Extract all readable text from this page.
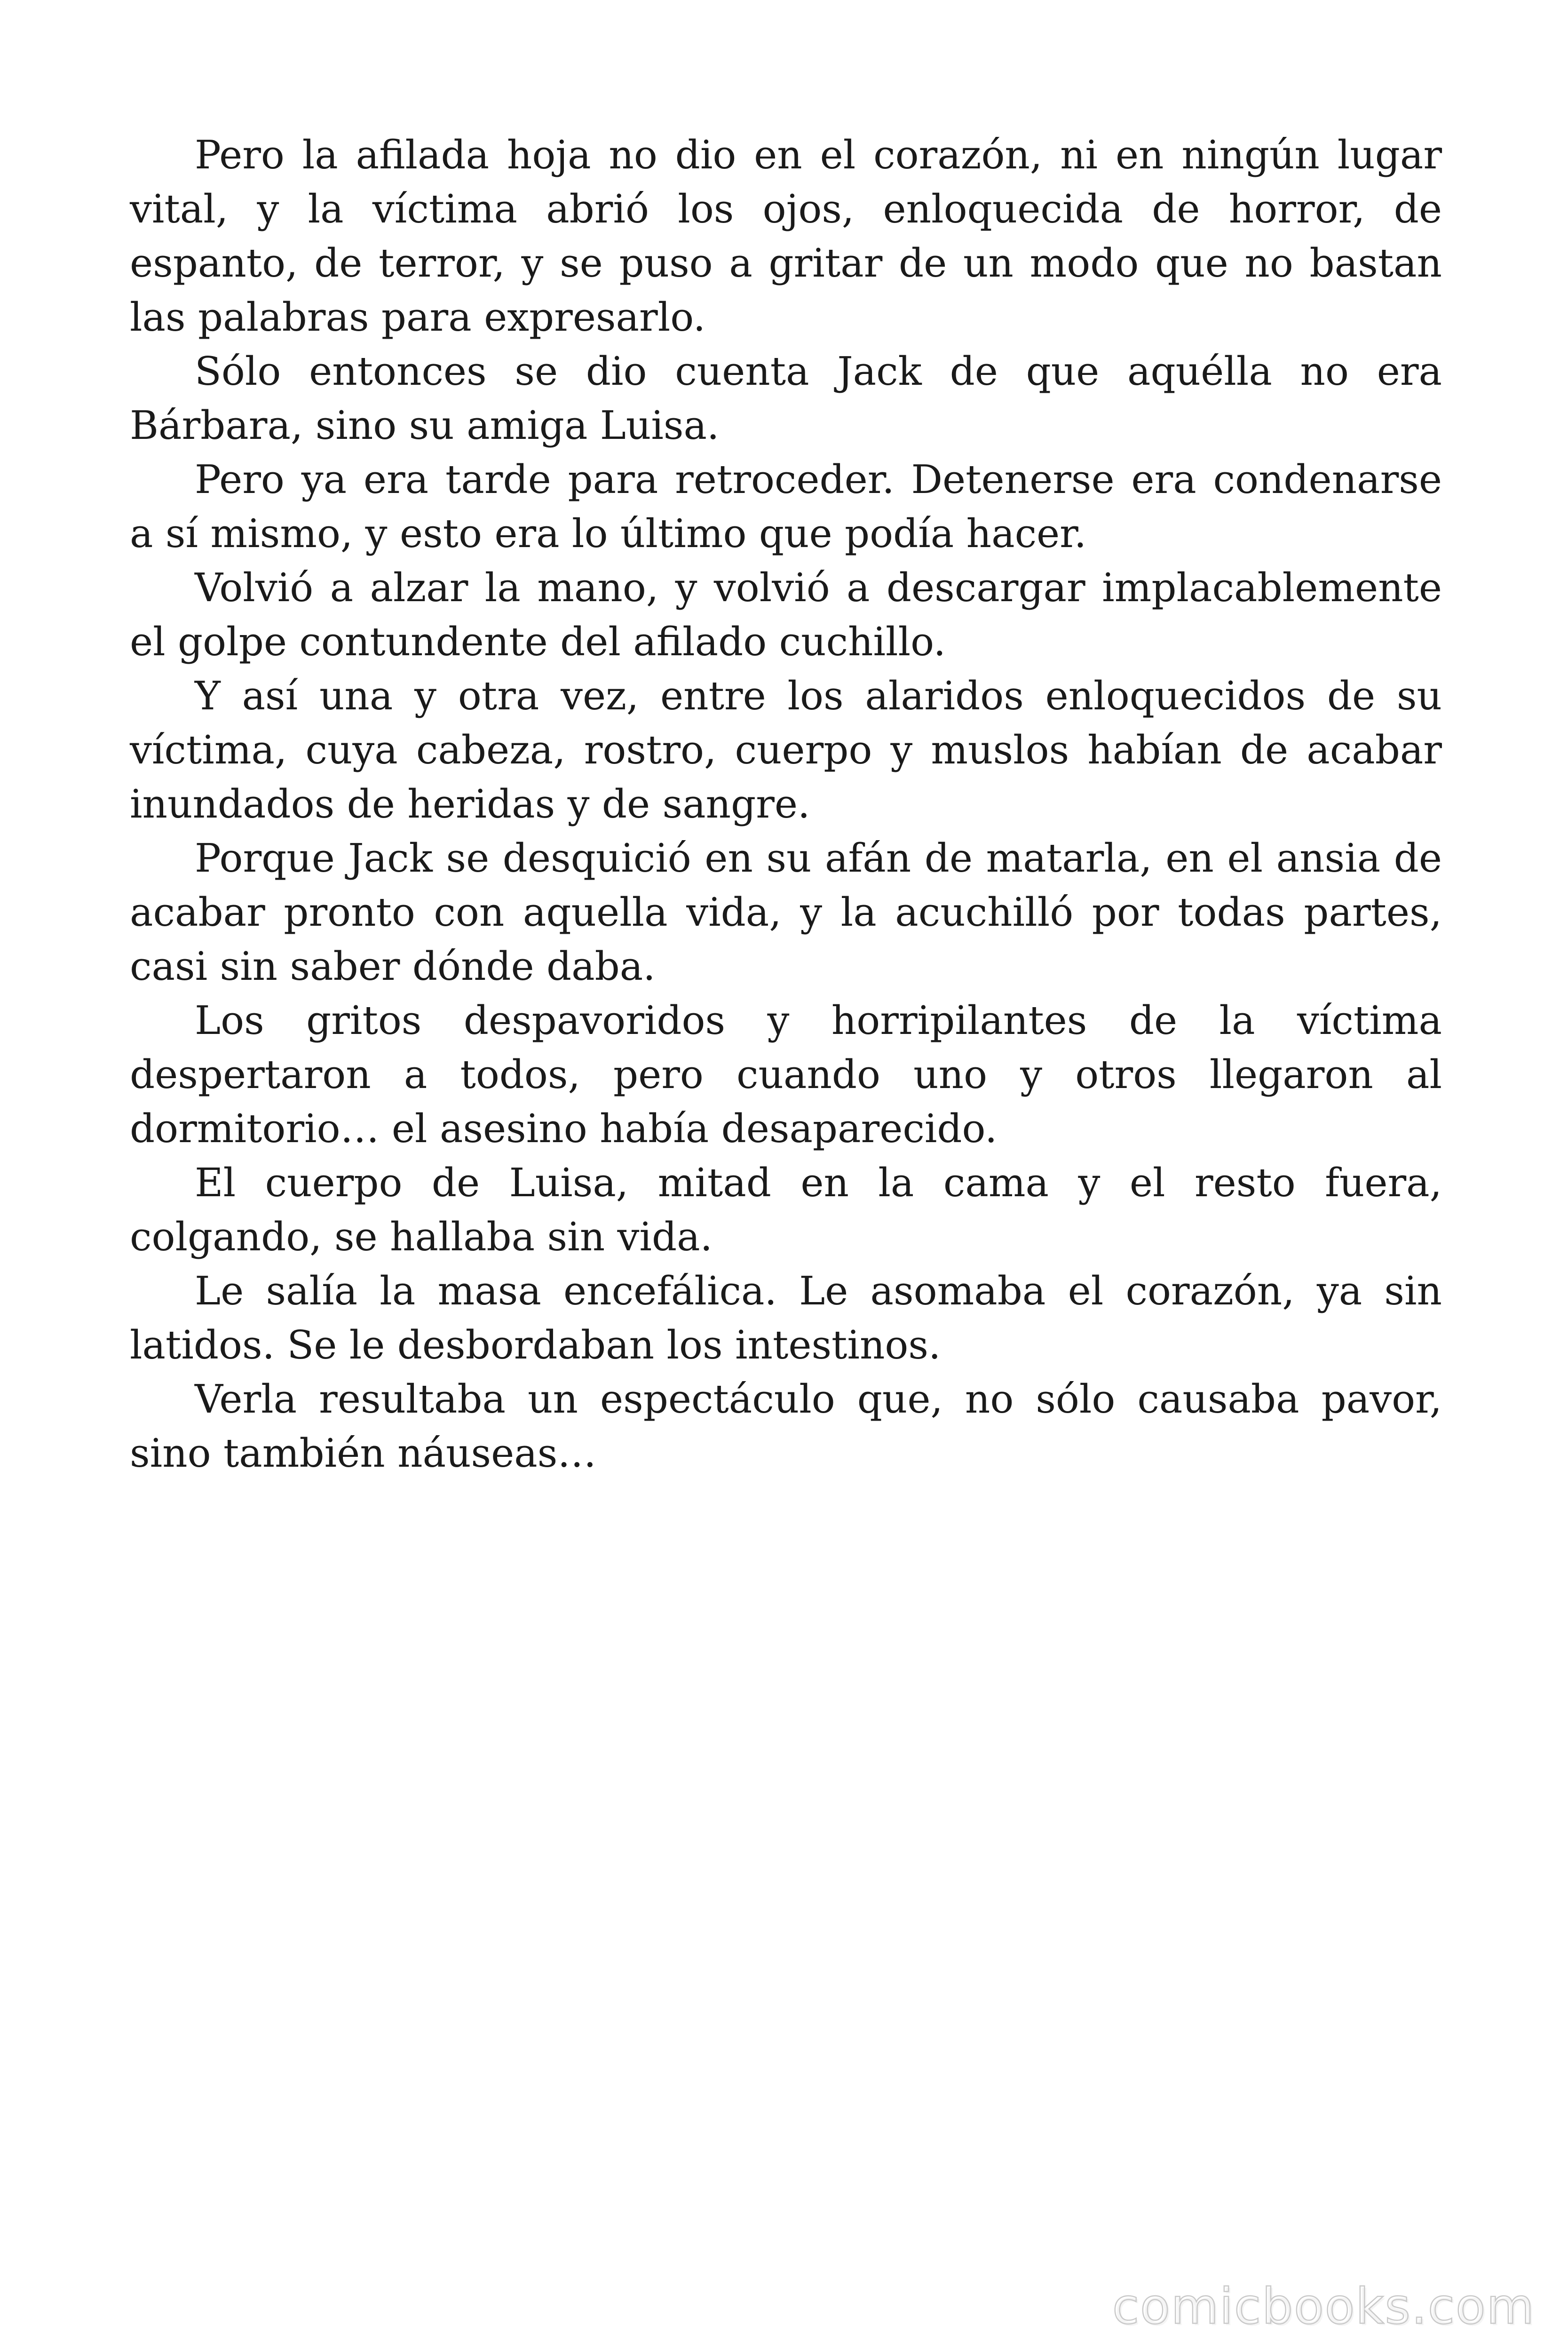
Pero la afilada hoja no dio en el corazón, ni en ningún lugar vital, y la víctima abrió los ojos, enloquecida de horror, de espanto, de terror, y se puso a gritar de un modo que no bastan las palabras para expresarlo.

Sólo entonces se dio cuenta Jack de que aquélla no era Bárbara, sino su amiga Luisa.

Pero ya era tarde para retroceder. Detenerse era condenarse a sí mismo, y esto era lo último que podía hacer.

Volvió a alzar la mano, y volvió a descargar implacablemente el golpe contundente del afilado cuchillo.

Y así una y otra vez, entre los alaridos enloquecidos de su víctima, cuya cabeza, rostro, cuerpo y muslos habían de acabar inundados de heridas y de sangre.

Porque Jack se desquició en su afán de matarla, en el ansia de acabar pronto con aquella vida, y la acuchilló por todas partes, casi sin saber dónde daba.

Los gritos despavoridos y horripilantes de la víctima despertaron a todos, pero cuando uno y otros llegaron al dormitorio… el asesino había desaparecido.

El cuerpo de Luisa, mitad en la cama y el resto fuera, colgando, se hallaba sin vida.

Le salía la masa encefálica. Le asomaba el corazón, ya sin latidos. Se le desbordaban los intestinos.

Verla resultaba un espectáculo que, no sólo causaba pavor, sino también náuseas…

comicbooks.com
